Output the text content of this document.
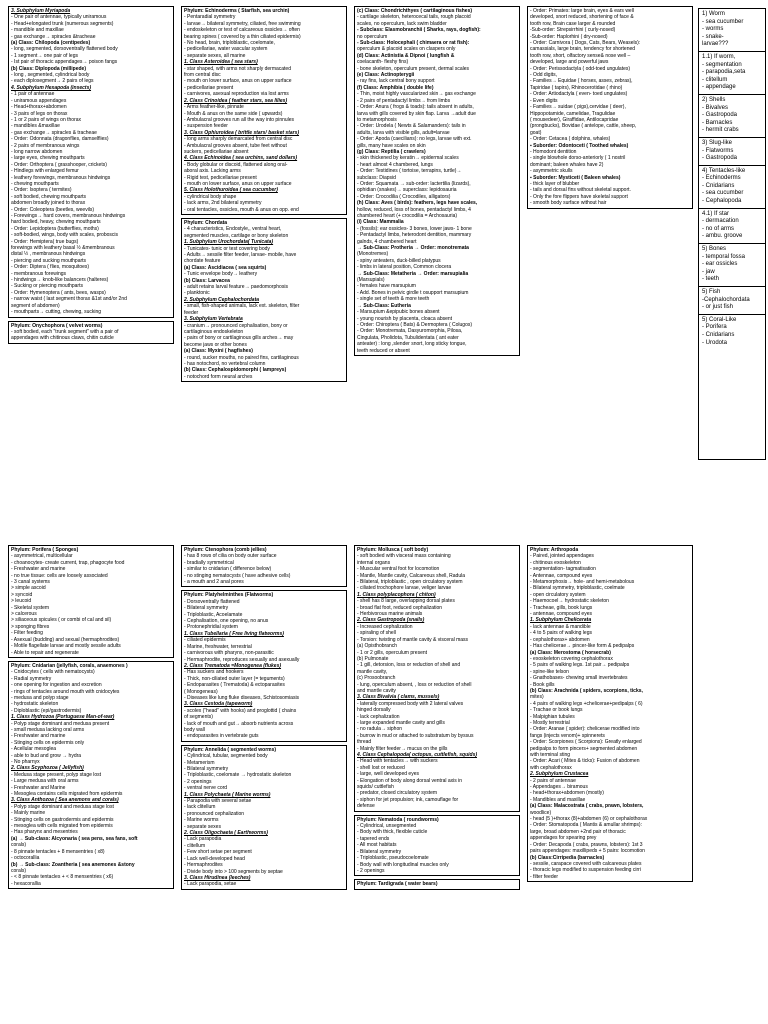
3. Subphylum Myriapoda
- One pair of antennae, typically uniramous
- Head+elongated trunk (numerous segments)
- mandible and maxillae
- gas exchange→ spiracles &tracheae
(a) Class: Chilopoda (centipedes)
- long, segmented, dorsoventrally flattened body
- 1 segment→ one pair of legs
- Ist pair of thoracic appendages→ poison fangs
(b) Class: Diplopoda (millipede)
- long , segmented, cylindrical body
- each diplosegment→ 2 pairs of legs
4. Subphylum Hexapoda (insects)
- 1 pair of antennae
- uniramous appendages
- Head+thorax+abdomen
- 3 pairs of legs on thorax
- 1 or 2 pairs of wings on thorax
- mandibles &maxillae
- gas exchange→ spiracles & tracheae
- Order: Odonnata (dragonflies, damselflies)
- 2 pairs of membranous wings
- long narrow abdomen
- large eyes, chewing mouthparts
- Order: Orthoptera ( grasshooper, crickets)
- Hindlegs with enlarged femur
- leathery forewings, membranous hindwings
- chewing mouthparts
- Order: Isoptera ( termites)
- soft bodied, chewing mouthparts
abdomen broadly joined to thorax
- Order: Coleoptera (beetles, weevils)
- Forewings→ hard covers, membranous hindwings
hard bodied, heavy, chewing mouthparts
- Order: Lepidoptera (butterflies, moths)
- soft-bodied, wings, body with scales, proboscis
- Order: Hemiptera( true bugs)
forewings with leathery basal ½ &membranous
distal ½ , membranous hindwings
- piercing and sucking mouthparts
- Order: Diptera ( flies, mosquitoes)
- membranous forewings
- hindwings→ knob-like balancers (halteres)
- Sucking or piercing mouthparts
- Order: Hymenoptera ( ants, bees, wasps)
- narrow waist ( last segment thorax &1st and/or 2nd
segment of abdomen)
- mouthparts→ cutting, chewing, sucking
Phylum: Onychophora ( velvet worms)
- soft bodied, each "trunk segment" with a pair of
appendages with chitinous claws, chitin cuticle
Phylum: Echinoderms ( Starfish, sea urchin)
- Pentaradial symmetry
- larvae→ bilateral symmetry, ciliated, free swimming
- endoskeleton or test of calcareous ossicles→ often
bearing spines ( covered by a thin ciliated epidermis)
- No head, brain, triploblastic, coelomate,
- pedicellariae, water vascular system
- separate sexes, all marine
1. Class Asteroidea ( sea stars)
- star shaped, with arms not sharply dermacated
from central disc
- mouth on lower surface, anus on upper surface
- pedicellariae present
- carnivores, asexual reproduction via lost arms
2. Class Crinoidea ( feather stars, sea lilies)
- Arms feather-like, pinnate
- Mouth & anus on the same side ( upwards)
- Ambulacral grooves run all the way into pinnules
- suspension feeder
3. Class Ophiuroidea ( brittle stars/ basket stars)
- long arms sharply demarcated from central disc
- Ambulacral grooves absent, tube feet without
suckers, pedicellariae absent
4. Class Echinoidea ( sea urchins, sand dollars)
- Body globular or discoid, flattened along oral-
aboral axis. Lacking arms
- Rigid test, pedicellariae present
- mouth on lower surface, anus on upper surface
5. Class Holothuroidea ( sea cucumber)
- cylindrical body shape
- lack arms, 2nd bilateral symmetry
- oral tentacles, ossicles, mouth & anus on opp. end
Phylum: Chordata
- 4 characteristics, Endostyle,, ventral heart,
segmented muscles, cartilage or bony skeleton
1. Subphylum Urochordata( Tunicata)
- Tunicates- tunic or test covering body
- Adults→ sessile filter feeder, larvae- mobile, have
chordate feature
(a) Class: Ascidiacea ( sea squirts)
- Tunic envelope body→ leathery
(b) Class: Larvacea
- adult retains larval feature→ paedomorphosis
- planktonic
2. Subphylum Cephalochordata
- small, fish-shaped animals, lack ext. skeleton, filter
feeder
3. Subphylum Vertebrata
- cranium→ pronounced cephalisation, bony or
cartilaginous endoskeleton
- pairs of bony or cartilaginous gills arches→ may
become jaws or other bones
(a) Class: Myxini ( hagfishes)
- round, sucker mouths, no paired fins, cartilaginous
- has notochord, no vertebral column
(b) Class: Cephalospidomorphi ( lampreys)
- notochord form neural arches
(c) Class: Chondrichthyes ( cartilaginous fishes)
- cartilage skeleton, heterocecal tails, rough placoid
scales, no operculum, lack swim bladder
- Subclass: Elasmobranchii ( Sharks, rays, dogfish):
no operculum
- Sub-class: Holocephali ( chimaera or rat fish):
operculum & placoid scales on claspers only
(d) Class: Actinistia & Dipnoi ( lungfish &
coelacanth- fleshy fins)
- bone skeleton, operculum present, dermal scales
(e) Class: Actinopterygii
- ray fins, lack central bony support
(f) Class: Amphibia ( double life)
- Thin, moist highly vascularized skin→ gas exchange
- 2 pairs of pentadactyl limbs→ from limbs
- Order: Anura ( frogs & toads): tails absent in adults,
larva with gills covered by skin flap. Larva →adult due
to metamorphosis
- Order: Urodela ( Newts & Salamanders): tails in
adults, larva with visible gills, adult=larvae
- Order: Apoda (caecilians): no legs, larvae with ext.
gills, many have scales on skin
(g) Class: Reptilia ( crawlers)
- skin thickened by keratin→ epidermal scales
- heart almost 4 chambered, lungs
- Order: Testidines ( tortoise, terrapins, turtle)→
subclass: Diapsid
- Order: Squamata → sub-order: lactertilia (lizards),
ophidian (snakes)→ superclass: lepidosauria
- Order: Crocodilia ( Crocodiles, alligators)
(h) Class: Aves ( birds): feathers, legs have scales,
hollow, reduced, loss of bones, pentadactyl limbs, 4
chambered heart (+ crocodilia = Archosauria)
(i) Class: Mammalia
- (fossils): ear ossicles- 3 bones, lower jaws- 1 bone
- Pentadactyl limbs, heterodont dentition, mammary
galnds, 4 chambered heart
→ Sub-Class: Protheria → Order: monotremata
(Monotremes)
- spiny anteaters, duck-billed platypus
- limbs in lateral position, Common clocera
→ Sub-Class: Metatheria → Order: marsupialia
(Marsupials)
- females have marsupium
- Add. Bones in pelvic girdle t osupport marsupium
- single set of teeth & more teeth
→ Sub-Class: Eutheria
- Marsupium &epipubic bones absent
- young nourish by placenta, cloaca absent
- Order: Chiroptera ( Bats) & Dermoptera ( Colugos)
- Order: Monotremata, Dasyuromorphia, Pilosa,
Cingulata, Pholidota, Tubulidentata ( ant eater
anteater) : long ,slender snort, long sticky tongue,
teeth reduced or absent
- Order: Primates: large brain, eyes & ears well
developed, snort reduced, shortening of face &
tooth row, Brain case larger & rounded
-Sub-order: Strepsirrhini ( curly-nosed)
-Sub-order: Haplorhini ( dry-nosed)
- Order: Carnivora ( Dogs, Cats, Bears, Weasels):
camassials, large brain, tendency for shortened
tooth row, short, olfactory sense& nose well –
developed, large and powerful jaws
- Order: Perissodactyla ( odd-toed ungulates)
- Odd digits,
- Families→ Equidae ( horses, asses, zebras),
Tapiridae ( tapirs), Rhinocerotidae ( rhino)
- Order: Artiodactyla ( even- toed ungulates)
- Even digits
- Families→ suidae ( pigs),cervidae ( deer),
Hippopotamide, camelidae, Tragulidae
( mousedeer), Giraffidae, Antilocapridae
(prongbucks), Bovidae ( antelope, cattle, sheep,
goat)
- Order: Cetacea ( dolphins, whales)
▪ Suborder: Odontoceti ( Toothed whales)
- Homodont dentition
- single blowhole dorso-anteriorly ( 1 nostril
dominant; baleen whales have 2)
- asymmetric skulls
▪ Suborder: Mysticeti ( Baleen whales)
- thick layer of blubber
- tails and dorsal fins without skeletal support.
- Only the fore flippers have skeletal support
- smooth body surface without hair
1) Worm
- sea cucumber
- worms
- snake-
larvae???
1.1) If worm,
- segmentation
- parapodia,seta
- clitellum
- appendage
2) Shells
- Bivalves
- Gastropoda
- Barnacles
- hermit crabs
3) Slug-like
- Flatworms
- Gastropoda
4) Tentacles-like
- Echinoderms
- Cnidarians
- sea cucumber
- Cephalopoda
4.1) If star
- dermacation
- no of arms
- ambu. groove
5) Bones
- temporal fossa
- ear ossicles
- jaw
- teeth
5) Fish
-Cephalochordata
- or just fish
5) Coral-Like
- Porifera
- Cnidarians
- Urodota
Phylum: Porifera ( Sponges)
- asymmetrical, multicellular
- choanocytes- create current, trap, phagocyte food
- Freshwater and marine
- no true tissue: cells are loosely associated
- 3 canal systems
> simple ascoid
> syncoid
> leucoid
- Skeletal system
> calcerous
> siliaceous spicules ( or combi of cal and sil)
> sponging fibres
- Filter feeding
- Asexual (budding) and sexual (hermaphrodites)
- Motile flagellate larvae and mostly sessile adults
- Able to repair and regenerate
Phylum: Cnidarian (jellyfish, corals, anaemones )
- Cnidocytes ( cells with nematocysts)
- Radial symmetry
- one opening for ingestion and excretion
- rings of tentacles around mouth with cnidocytes
- medusa and polyp stage
- hydrostatic skeleton
- Diploblastic (epi/gastrodermis)
1. Class Hydrozoa (Portuguese Man-of-war)
- Polyp stage dominant and medusa present
- small medusa lacking oral arms
- Freshwater and marine
- Stinging cells on epidermis only
- Acellular mesoglea
- able to bud and grow → hydra
- No pharnyx
2. Class Scyphozoa ( Jellyfish)
- Medusa stage present, polyp stage lost
- Large medusa with oral arms
- Freshwater and Marine
- Mesoglea contains cells migrated from epidermis
3. Class Anthozoa ( Sea anemons and corals)
- Polyp stage dominant and medusa stage lost
- Mainly marine
- Stinging cells on gastrodermis and epidermis
- mesoglea with cells migrated from epidermis
- Has pharynx and mesentries
(a) → Sub-class: Alcyonaria ( sea pens, sea fans, soft
corals)
- 8 pinnate tentacles + 8 mensentries ( x8)
- octocorallia
(b) → Sub-class: Zoantheria ( sea anemones &stony
corals)
- < 8 pinnate tentacles + < 8 mensentries ( x6)
- hexacorallia
Phylum: Ctenophora (comb jellies)
- has 8 rows of cilia on body outer surface
- bradially symmetrical
- similar to cnidarian ( difference below)
- no stinging nematocysts ( have adhesive cells)
- a mouth and 2 anal pores
Phylum: Platyhelminthes (Flatworms)
- Dorsoventrally flattened
- Bilateral symmetry
- Triploblastic, Acoelamate
- Cephalisation, one opening, no anus
- Protonephridial system
1. Class Tubellaria ( Free living flatworms)
- ciliated epidermis
- Marine, freshwater, terrestrial
- carnivorous with pharynx, non-parasitic
- Hermaphrodite, reproduces sexually and asexually
2. Class Trematoda =Monogenea (flukes)
- Has suckers and hookers
- Thick, non-ciliated outer layer (= teguments)
- Endoparasites ( Trematoda) & ectoparasites
( Monogeneas)
- Diseases like lung fluke diseases, Schistosomiasis
3. Class Cestoda (tapeworm)
- scolex ("head" with hooks) and proglottid ( chains
of segments)
- lack of mouth and gut→ absorb nutrients across
body wall
- endoparasites in vertebrate guts
Phylum: Annelida ( segmented worms)
- Cylindrical, tubular, segmented body
- Metamerism
- Bilateral symmetry
- Triploblastic, coelomate → hydrostatic skeleton
- 2 openings
- ventral nerve cord
1. Class Polychaeta ( Marine worms)
- Parapodia with several setae
- lack clitellum
- pronounced cephalization
- Marine worms
- separate sexes
2. Class Oligochaeta ( Earthworms)
- Lack parapodia
- clitellum
- Few short setae per segment
- Lack well-developed head
- Hermaphrodites
- Divide body into > 100 segments by septae
3. Class Hirudinea (leeches)
- Lack parapodia, setae
Phylum: Mollusca ( soft body)
- soft bodied with visceral mass containing
internal organs
- Muscular ventral foot for locomotion
- Mantle, Mantle cavity, Calcareous shell, Radula
- Bilateral, triploblastic , open circulatory system
- ciliated trochophore larvae, veliger larvae
1. Class polyplacophora ( chiton)
- shell has 8 large, overlapping dorsal plates
- broad flat foot, reduced cephalization
- Herbivorous marine animals
2. Class Gastropoda (snails)
- Increased cephalization
- spiraling of shell
- Torsion: twisting of mantle cavity & visceral mass
(a) Opisthobranch
- 1 or 2 gills, operculum present
(b) Pulmonate
- 1 gill, detorsion, loss or reduction of shell and
mantle cavity,
(c) Prosoobranch
- lung, operculum absent, , loss or reduction of shell
and mantle cavity
3. Class Bivalvia ( clams, mussels)
- laterally compressed body with 2 lateral valves
hinged dorsally
- lack cephalization
- large expanded mantle cavity and gills
- no radula→ siphon
- burrow in mud or attached to substratum by byssus
thread
- Mainly filter feeder→ mucus on the gills
4. Class Cephalopoda( octopus, cuttlefish, squids)
- Head with tentacles→ with suckers
- shell lost or reduced
- large, well developed eyes
- Elongation of body along dorsal ventral axis in
squids/ cuttlefish
- predator, closed circulatory system
- siphon for jet propulsion; ink, camouflage for
defense
Phylum: Nematoda ( roundworms)
- Cylindrical, unsegmented
- Body with thick, flexible cuticle
- tapered ends
- All most habitats
- Bilateral symmetry
- Triploblastic, pseudocoelomate
- Body wall with longitudinal muscles only
- 2 openings
Phylum: Tardigrada ( water bears)
Phylum: Arthropoda
- Paired, jointed appendages
- chitinous exoskeleton
- segmentation- tagmatisation
- Antennae, compound eyes
- Metamorphosis→ hole- and hemi-metabolous
- Bilateral symmetry, triploblastic, coelmate
- open circulatory system
- Haemocoel→ hydrostatic skeleton
- Tracheae, gills, book lungs
- antennae, compound eyes
1. Subphylum Chelicerata
- lack antennae & mandible
- 4 to 5 pairs of walking legs
- cephalothorax+ abdomen
- Has chelicerae→ pincer-like form & pedipalps
(a) Class: Merostoma ( horsecrab)
- exoskeleton covering cephalothorax
- 5 pairs of walking legs. 1st pair→ pedipalps
- spine-like telson
- Gnathobases- chewing small invertebrates
- Book gills
(b) Class: Arachnida ( spiders, scorpions, ticks,
mites)
- 4 pairs of walking legs +chelicerae+pedipalps ( 6)
- Trachae or book lungs
- Malpighian tubules
- Mostly terrestrial
- Order: Aranae ( spider): chelicerae modified into
fangs (injects venom)+ spinnerets
- Order: Scorpiones ( Scorpions): Greatly enlarged
pedipalps to form pincers+ segmented abdomen
with terminal sting
- Order: Acari ( Mites & ticks): Fusion of abdomen
with cephalothorax
2. Subphylum Crustacea
- 2 pairs of antennae
- Appendages→ biramous
- head+thorax+abdomen (mostly)
- Mandibles and maxillae
(a) Class: Malacostrata ( crabs, prawn, lobsters,
woodlice)
- head (5 )+thorax (8)+abdomen (6) or cephalothorax
- Order: Stomatopoda ( Mantis & amullar shrimps):
large, broad abdomen +2nd pair of thoracic
appendages for spearing prey
- Order: Decapoda ( crabs, prawns, lobsters): 1st 3
pairs appendages: maxillipeds + 5 pairs: locomotion
(b) Class:Cirripedia (barnacles)
- sessile, carapace covered with calcareous plates
- thoracic legs modified to suspension feeding cirri
- filter feeder
